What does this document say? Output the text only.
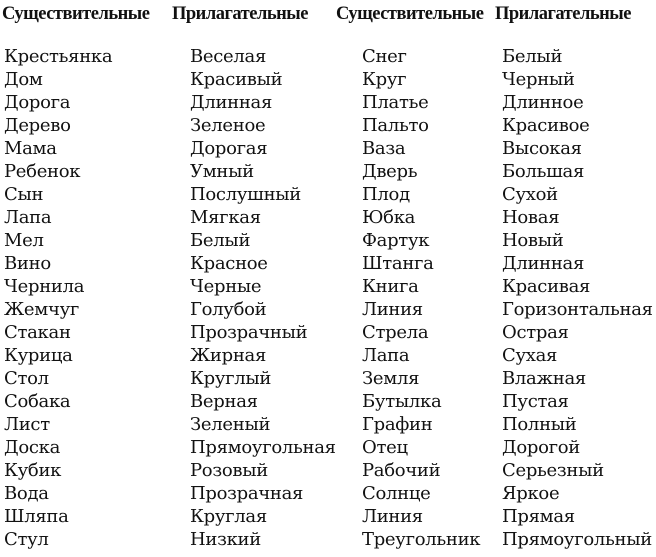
Существительные Прилагательные Существительные Прилагательные
Крестьянка
Дом
Дорога
Дерево
Мама
Ребенок
Сын
Лапа
Мел
Вино
Чернила
Жемчуг
Стакан
Курица
Стол
Собака
Лист
Доска
Кубик
Вода
Шляпа
Стул
Веселая
Красивый
Длинная
Зеленое
Дорогая
Умный
Послушный
Мягкая
Белый
Красное
Черные
Голубой
Прозрачный
Жирная
Круглый
Верная
Зеленый
Прямоугольная
Розовый
Прозрачная
Круглая
Низкий
Снег
Круг
Платье
Пальто
Ваза
Дверь
Плод
Юбка
Фартук
Штанга
Книга
Линия
Стрела
Лапа
Земля
Бутылка
Графин
Отец
Рабочий
Солнце
Линия
Треугольник
Белый
Черный
Длинное
Красивое
Высокая
Большая
Сухой
Новая
Новый
Длинная
Красивая
Горизонтальная
Острая
Сухая
Влажная
Пустая
Полный
Дорогой
Серьезный
Яркое
Прямая
Прямоугольный
